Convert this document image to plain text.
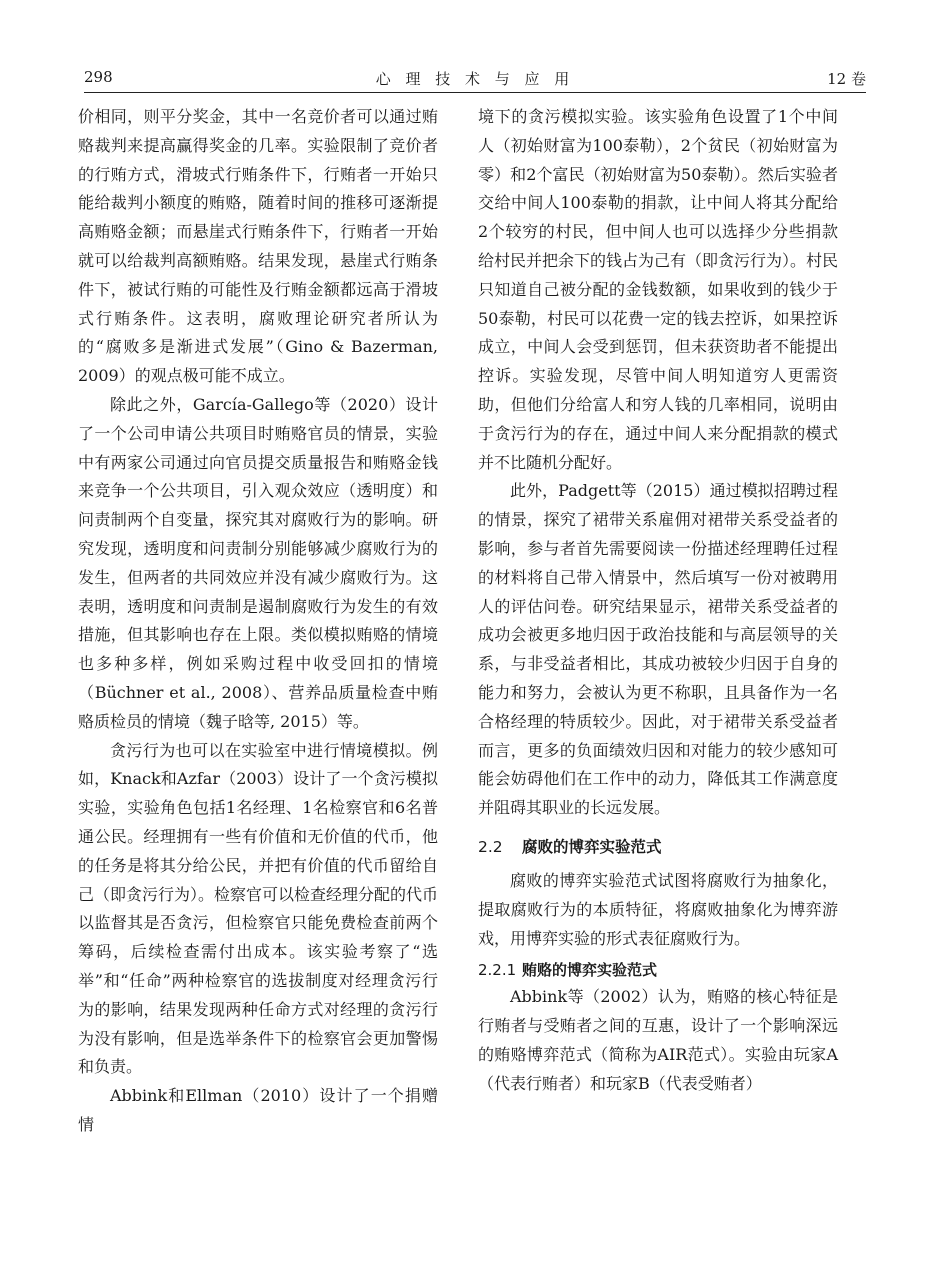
298	心 理 技 术 与 应 用	12 卷

价相同，则平分奖金，其中一名竞价者可以通过贿赂裁判来提高赢得奖金的几率。实验限制了竞价者的行贿方式，滑坡式行贿条件下，行贿者一开始只能给裁判小额度的贿赂，随着时间的推移可逐渐提高贿赂金额；而悬崖式行贿条件下，行贿者一开始就可以给裁判高额贿赂。结果发现，悬崖式行贿条件下，被试行贿的可能性及行贿金额都远高于滑坡式行贿条件。这表明，腐败理论研究者所认为的“腐败多是渐进式发展”（Gino & Bazerman, 2009）的观点极可能不成立。

除此之外，García-Gallego等（2020）设计了一个公司申请公共项目时贿赂官员的情景，实验中有两家公司通过向官员提交质量报告和贿赂金钱来竞争一个公共项目，引入观众效应（透明度）和问责制两个自变量，探究其对腐败行为的影响。研究发现，透明度和问责制分别能够减少腐败行为的发生，但两者的共同效应并没有减少腐败行为。这表明，透明度和问责制是遏制腐败行为发生的有效措施，但其影响也存在上限。类似模拟贿赂的情境也多种多样，例如采购过程中收受回扣的情境（Büchner et al., 2008）、营养品质量检查中贿赂质检员的情境（魏子晗等, 2015）等。

贪污行为也可以在实验室中进行情境模拟。例如，Knack和Azfar（2003）设计了一个贪污模拟实验，实验角色包括1名经理、1名检察官和6名普通公民。经理拥有一些有价值和无价值的代币，他的任务是将其分给公民，并把有价值的代币留给自己（即贪污行为）。检察官可以检查经理分配的代币以监督其是否贪污，但检察官只能免费检查前两个筹码，后续检查需付出成本。该实验考察了“选举”和“任命”两种检察官的选拔制度对经理贪污行为的影响，结果发现两种任命方式对经理的贪污行为没有影响，但是选举条件下的检察官会更加警惕和负责。

Abbink和Ellman（2010）设计了一个捐赠情

境下的贪污模拟实验。该实验角色设置了1个中间人（初始财富为100泰勒），2个贫民（初始财富为零）和2个富民（初始财富为50泰勒）。然后实验者交给中间人100泰勒的捐款，让中间人将其分配给2个较穷的村民，但中间人也可以选择少分些捐款给村民并把余下的钱占为己有（即贪污行为）。村民只知道自己被分配的金钱数额，如果收到的钱少于50泰勒，村民可以花费一定的钱去控诉，如果控诉成立，中间人会受到惩罚，但未获资助者不能提出控诉。实验发现，尽管中间人明知道穷人更需资助，但他们分给富人和穷人钱的几率相同，说明由于贪污行为的存在，通过中间人来分配捐款的模式并不比随机分配好。

此外，Padgett等（2015）通过模拟招聘过程的情景，探究了裙带关系雇佣对裙带关系受益者的影响，参与者首先需要阅读一份描述经理聘任过程的材料将自己带入情景中，然后填写一份对被聘用人的评估问卷。研究结果显示，裙带关系受益者的成功会被更多地归因于政治技能和与高层领导的关系，与非受益者相比，其成功被较少归因于自身的能力和努力，会被认为更不称职，且具备作为一名合格经理的特质较少。因此，对于裙带关系受益者而言，更多的负面绩效归因和对能力的较少感知可能会妨碍他们在工作中的动力，降低其工作满意度并阻碍其职业的长远发展。

2.2 腐败的博弈实验范式

腐败的博弈实验范式试图将腐败行为抽象化，提取腐败行为的本质特征，将腐败抽象化为博弈游戏，用博弈实验的形式表征腐败行为。

2.2.1 贿赂的博弈实验范式

Abbink等（2002）认为，贿赂的核心特征是行贿者与受贿者之间的互惠，设计了一个影响深远的贿赂博弈范式（简称为AIR范式）。实验由玩家A（代表行贿者）和玩家B（代表受贿者）
